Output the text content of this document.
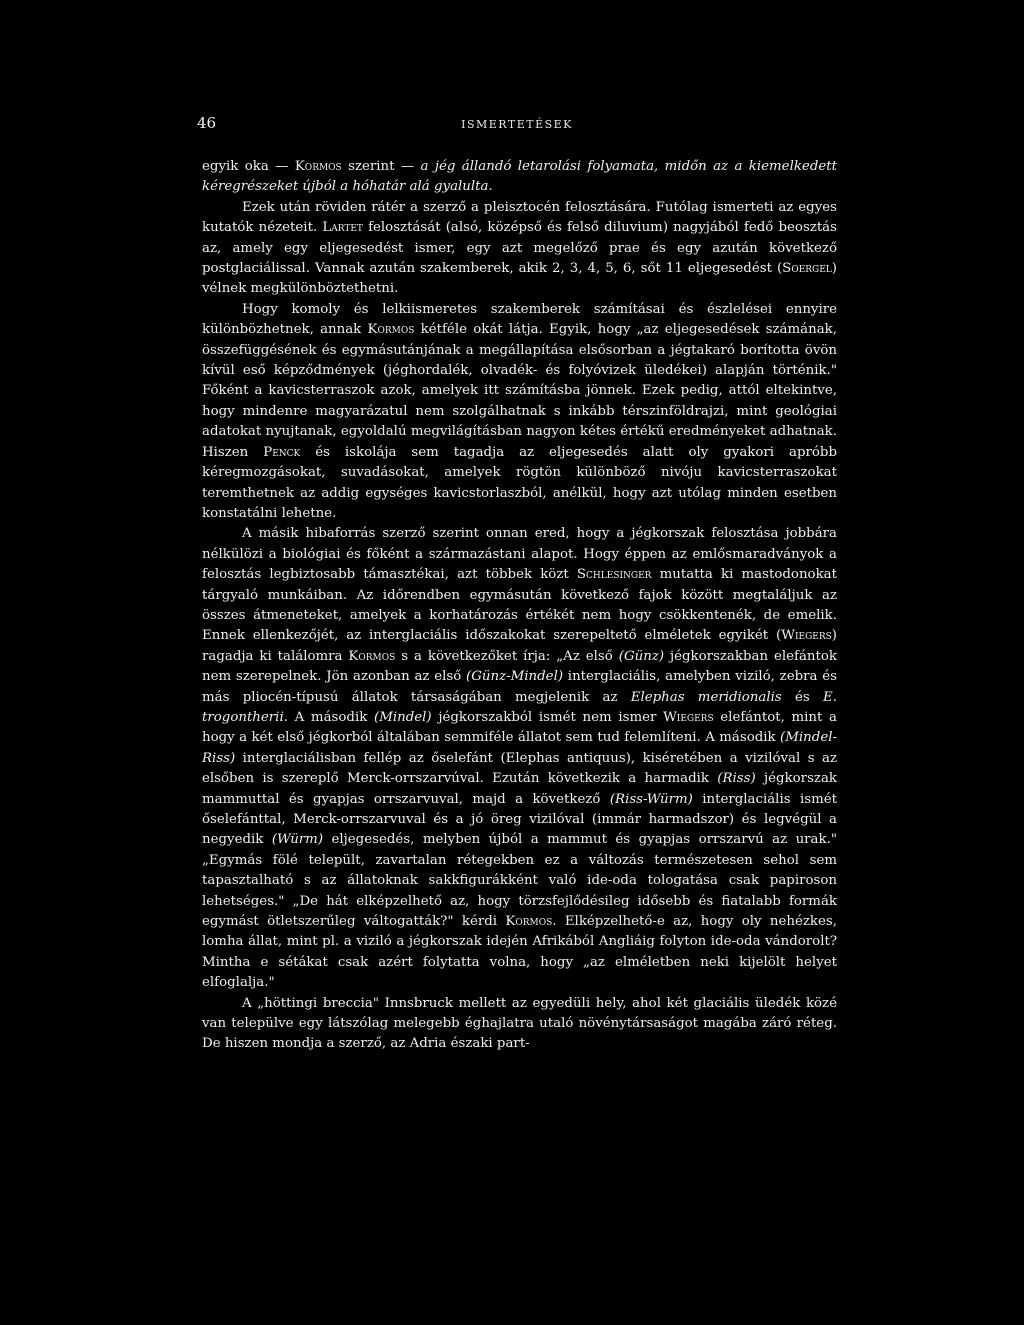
46	ISMERTETÉSEK

egyik oka — Kormos szerint — a jég állandó letarolási folyamata, midőn az a kiemelkedett kéregrészeket újból a hóhatár alá gyalulta.

Ezek után röviden rátér a szerző a pleisztocén felosztására. Futólag ismerteti az egyes kutatók nézeteit. Lartet felosztását (alsó, középső és felső diluvium) nagyjából fedő beosztás az, amely egy eljegesedést ismer, egy azt megelőző prae és egy azután következő postglaciálissal. Vannak azután szakemberek, akik 2, 3, 4, 5, 6, sőt 11 eljegesedést (Soergel) vélnek megkülönböztethetni.

Hogy komoly és lelkiismeretes szakemberek számításai és észlelései ennyire különbözhetnek, annak Kormos kétféle okát látja. Egyik, hogy „az eljegesedések számának, összefüggésének és egymásutánjának a megállapítása elsősorban a jégtakaró borította övön kívül eső képződmények (jéghordalék, olvadék- és folyóvizek üledékei) alapján történik." Főként a kavicsterraszok azok, amelyek itt számításba jönnek. Ezek pedig, attól eltekintve, hogy mindenre magyarázatul nem szolgálhatnak s inkább térszinföldrajzi, mint geológiai adatokat nyujtanak, egyoldalú megvilágításban nagyon kétes értékű eredményeket adhatnak. Hiszen Penck és iskolája sem tagadja az eljegesedés alatt oly gyakori apróbb kéregmozgásokat, suvadásokat, amelyek rögtön különböző nivóju kavicsterraszokat teremthetnek az addig egységes kavicstorlaszból, anélkül, hogy azt utólag minden esetben konstatálni lehetne.

A másik hibaforrás szerző szerint onnan ered, hogy a jégkorszak felosztása jobbára nélkülözi a biológiai és főként a származástani alapot. Hogy éppen az emlősmaradványok a felosztás legbiztosabb támasztékai, azt többek közt Schlesinger mutatta ki mastodonokat tárgyaló munkáiban. Az időrendben egymásután következő fajok között megtaláljuk az összes átmeneteket, amelyek a korhatározás értékét nem hogy csökkentenék, de emelik. Ennek ellenkezőjét, az interglaciális időszakokat szerepeltető elméletek egyikét (Wiegers) ragadja ki találomra Kormos s a következőket írja: „Az első (Günz) jégkorszakban elefántok nem szerepelnek. Jön azonban az első (Günz-Mindel) interglaciális, amelyben viziló, zebra és más pliocén-típusú állatok társaságában megjelenik az Elephas meridionalis és E. trogontherii. A második (Mindel) jégkorszakból ismét nem ismer Wiegers elefántot, mint a hogy a két első jégkorból általában semmiféle állatot sem tud felemlíteni. A második (Mindel-Riss) interglaciálisban fellép az őselefánt (Elephas antiquus), kiséretében a vizilóval s az elsőben is szereplő Merck-orrszarvúval. Ezután következik a harmadik (Riss) jégkorszak mammuttal és gyapjas orrszarvuval, majd a következő (Riss-Würm) interglaciális ismét őselefánttal, Merck-orrszarvuval és a jó öreg vizilóval (immár harmadszor) és legvégül a negyedik (Würm) eljegesedés, melyben újból a mammut és gyapjas orrszarvú az urak." „Egymás fölé települt, zavartalan rétegekben ez a változás természetesen sehol sem tapasztalható s az állatoknak sakkfigurákként való ide-oda tologatása csak papiroson lehetséges." „De hát elképzelhető az, hogy törzsfejlődésileg idősebb és fiatalabb formák egymást ötletszerűleg váltogatták?" kérdi Kormos. Elképzelhető-e az, hogy oly nehézkes, lomha állat, mint pl. a viziló a jégkorszak idején Afrikából Angliáig folyton ide-oda vándorolt? Mintha e sétákat csak azért folytatta volna, hogy „az elméletben neki kijelölt helyet elfoglalja."

A „höttingi breccia" Innsbruck mellett az egyedüli hely, ahol két glaciális üledék közé van települve egy látszólag melegebb éghajlatra utaló növénytársaságot magába záró réteg. De hiszen mondja a szerző, az Adria északi part-
